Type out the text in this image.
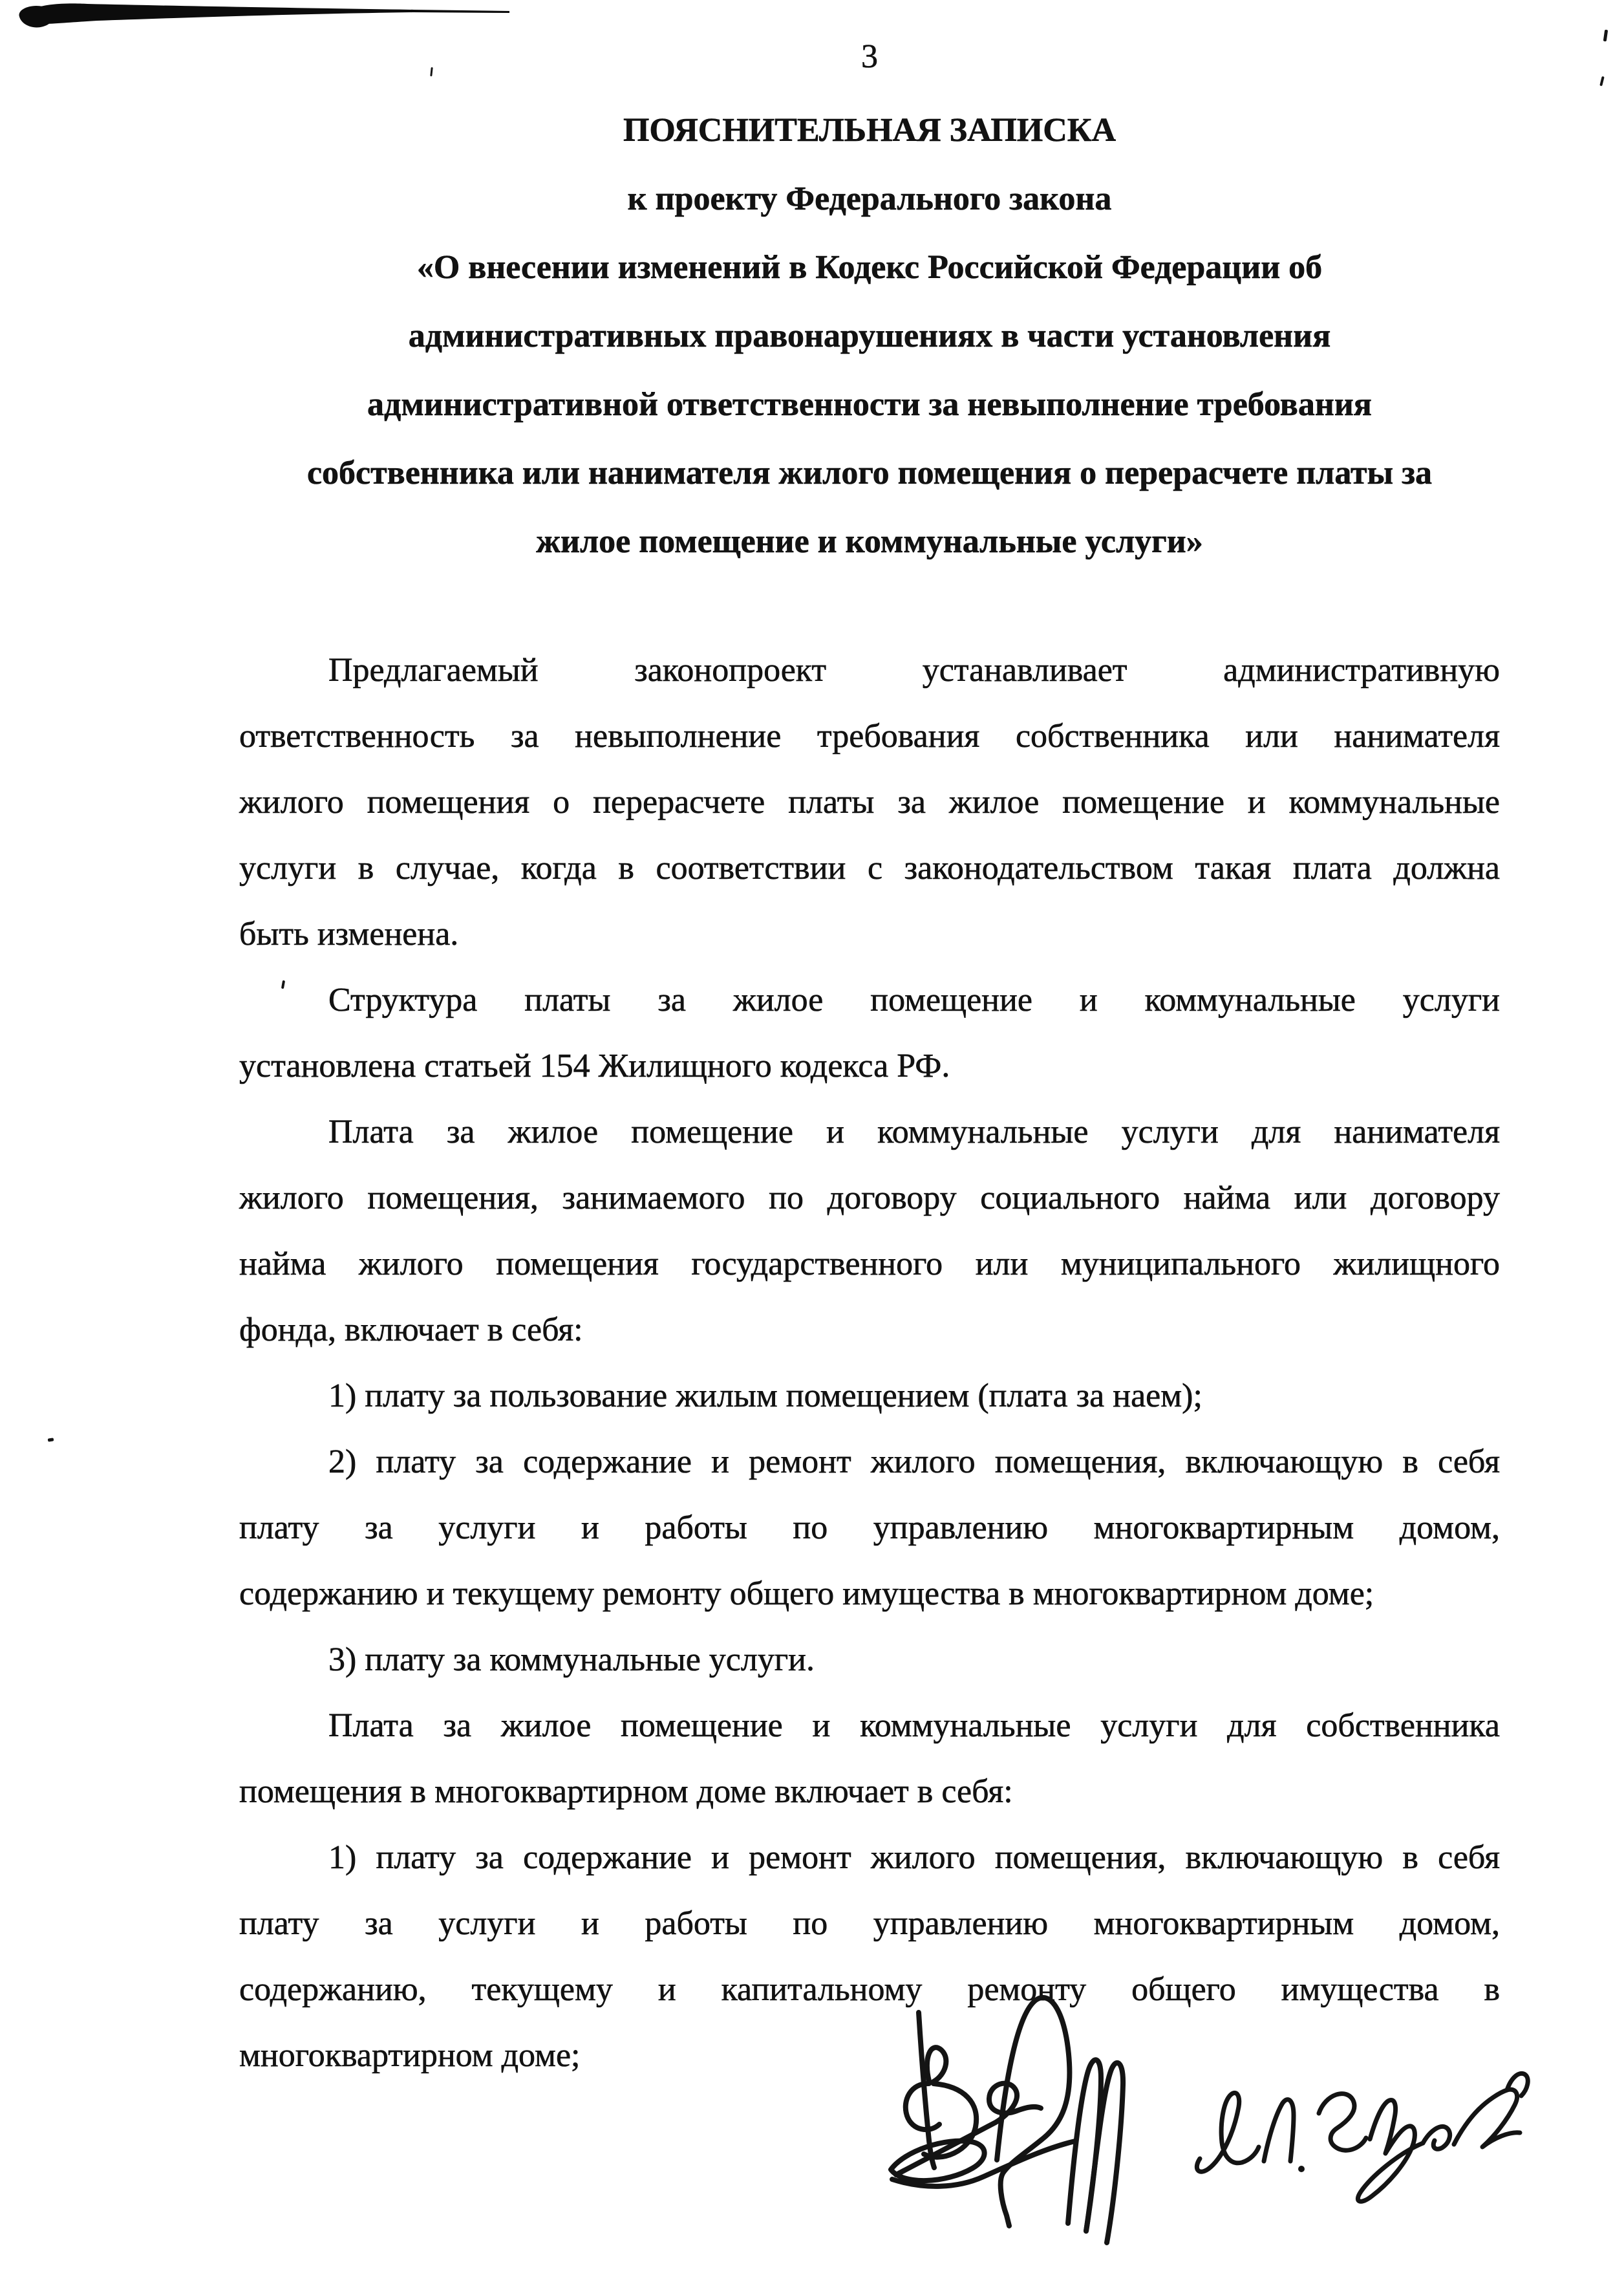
3
ПОЯСНИТЕЛЬНАЯ ЗАПИСКА
к проекту Федерального закона
«О внесении изменений в Кодекс Российской Федерации об
административных правонарушениях в части установления
административной ответственности за невыполнение требования
собственника или нанимателя жилого помещения о перерасчете платы за
жилое помещение и коммунальные услуги»
Предлагаемый законопроект устанавливает административную
ответственность за невыполнение требования собственника или нанимателя
жилого помещения о перерасчете платы за жилое помещение и коммунальные
услуги в случае, когда в соответствии с законодательством такая плата должна
быть изменена.
Структура платы за жилое помещение и коммунальные услуги
установлена статьей 154 Жилищного кодекса РФ.
Плата за жилое помещение и коммунальные услуги для нанимателя
жилого помещения, занимаемого по договору социального найма или договору
найма жилого помещения государственного или муниципального жилищного
фонда, включает в себя:
1) плату за пользование жилым помещением (плата за наем);
2) плату за содержание и ремонт жилого помещения, включающую в себя
плату за услуги и работы по управлению многоквартирным домом,
содержанию и текущему ремонту общего имущества в многоквартирном доме;
3) плату за коммунальные услуги.
Плата за жилое помещение и коммунальные услуги для собственника
помещения в многоквартирном доме включает в себя:
1) плату за содержание и ремонт жилого помещения, включающую в себя
плату за услуги и работы по управлению многоквартирным домом,
содержанию, текущему и капитальному ремонту общего имущества в
многоквартирном доме;
